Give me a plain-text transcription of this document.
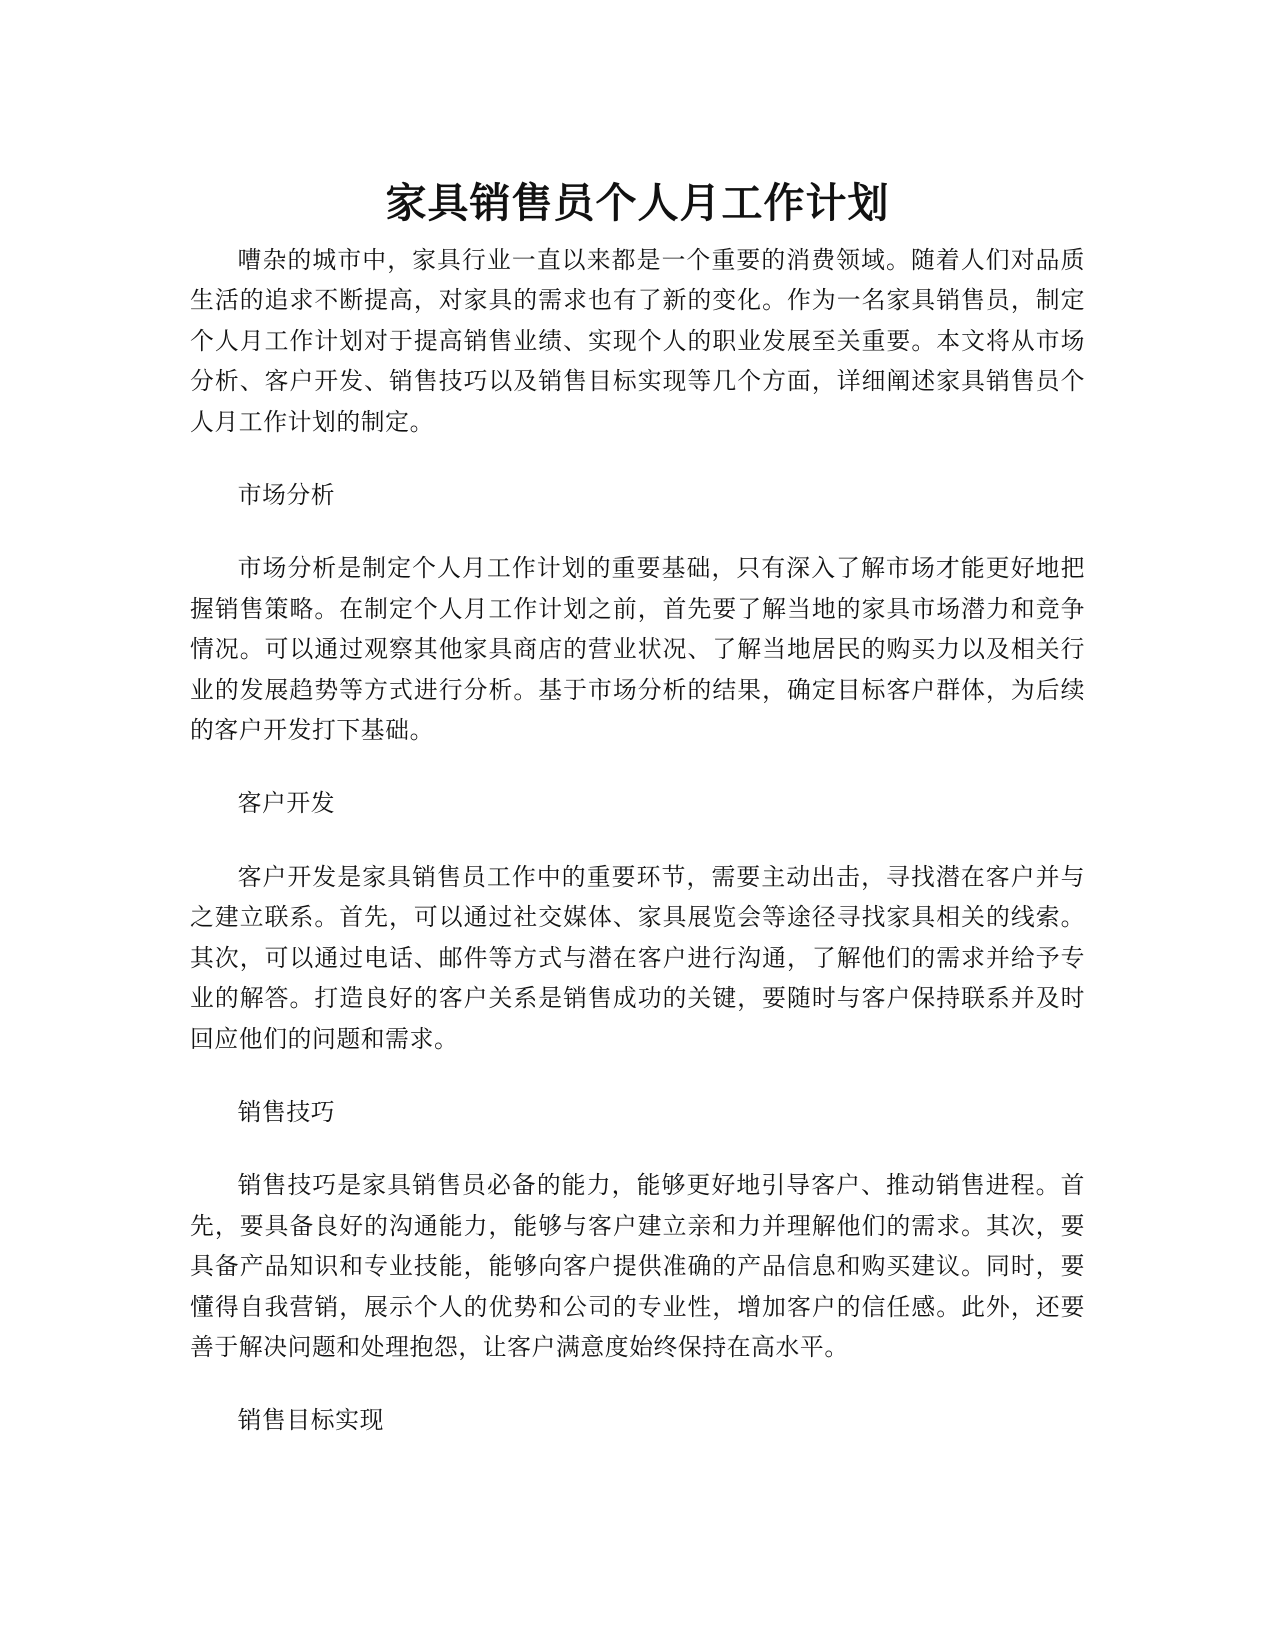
家具销售员个人月工作计划

嘈杂的城市中，家具行业一直以来都是一个重要的消费领域。随着人们对品质生活的追求不断提高，对家具的需求也有了新的变化。作为一名家具销售员，制定个人月工作计划对于提高销售业绩、实现个人的职业发展至关重要。本文将从市场分析、客户开发、销售技巧以及销售目标实现等几个方面，详细阐述家具销售员个人月工作计划的制定。

市场分析

市场分析是制定个人月工作计划的重要基础，只有深入了解市场才能更好地把握销售策略。在制定个人月工作计划之前，首先要了解当地的家具市场潜力和竞争情况。可以通过观察其他家具商店的营业状况、了解当地居民的购买力以及相关行业的发展趋势等方式进行分析。基于市场分析的结果，确定目标客户群体，为后续的客户开发打下基础。

客户开发

客户开发是家具销售员工作中的重要环节，需要主动出击，寻找潜在客户并与之建立联系。首先，可以通过社交媒体、家具展览会等途径寻找家具相关的线索。其次，可以通过电话、邮件等方式与潜在客户进行沟通，了解他们的需求并给予专业的解答。打造良好的客户关系是销售成功的关键，要随时与客户保持联系并及时回应他们的问题和需求。

销售技巧

销售技巧是家具销售员必备的能力，能够更好地引导客户、推动销售进程。首先，要具备良好的沟通能力，能够与客户建立亲和力并理解他们的需求。其次，要具备产品知识和专业技能，能够向客户提供准确的产品信息和购买建议。同时，要懂得自我营销，展示个人的优势和公司的专业性，增加客户的信任感。此外，还要善于解决问题和处理抱怨，让客户满意度始终保持在高水平。

销售目标实现
